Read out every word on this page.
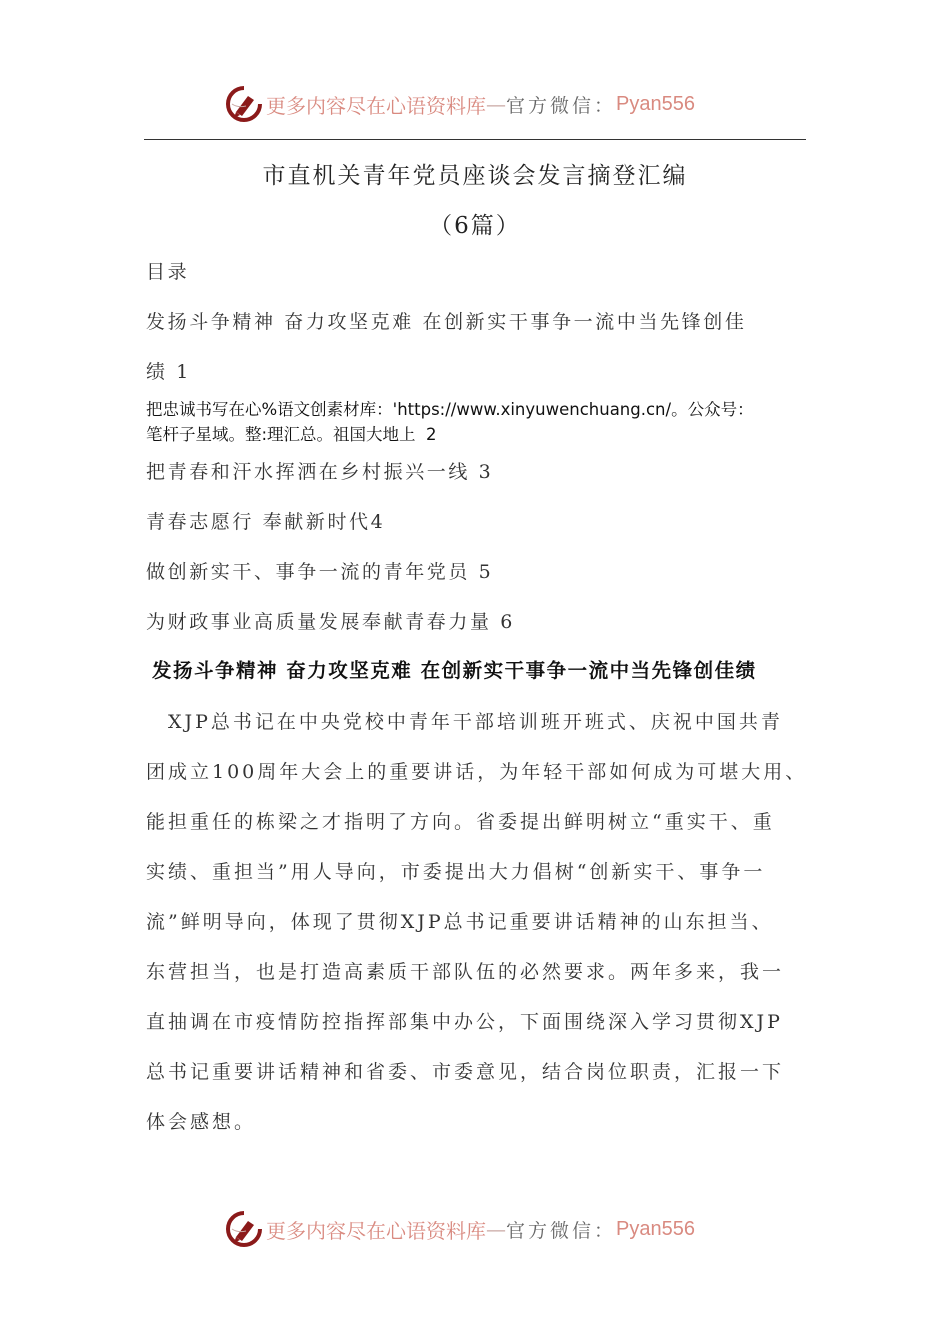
更多内容尽在心语资料库 — 官方微信： Pyan556
市直机关青年党员座谈会发言摘登汇编
（6篇）
目录
发扬斗争精神 奋力攻坚克难 在创新实干事争一流中当先锋创佳
绩 1
把忠诚书写在心%语文创素材库：'https://www.xinyuwenchuang.cn/。公众号：
笔杆子星域。整:理汇总。祖国大地上  2
把青春和汗水挥洒在乡村振兴一线 3
青春志愿行 奉献新时代4
做创新实干、事争一流的青年党员 5
为财政事业高质量发展奉献青春力量 6
发扬斗争精神 奋力攻坚克难 在创新实干事争一流中当先锋创佳绩
　XJP总书记在中央党校中青年干部培训班开班式、庆祝中国共青
团成立100周年大会上的重要讲话，为年轻干部如何成为可堪大用、
能担重任的栋梁之才指明了方向。省委提出鲜明树立“重实干、重
实绩、重担当”用人导向，市委提出大力倡树“创新实干、事争一
流”鲜明导向，体现了贯彻XJP总书记重要讲话精神的山东担当、
东营担当，也是打造高素质干部队伍的必然要求。两年多来，我一
直抽调在市疫情防控指挥部集中办公，下面围绕深入学习贯彻XJP
总书记重要讲话精神和省委、市委意见，结合岗位职责，汇报一下
体会感想。
更多内容尽在心语资料库 — 官方微信： Pyan556
